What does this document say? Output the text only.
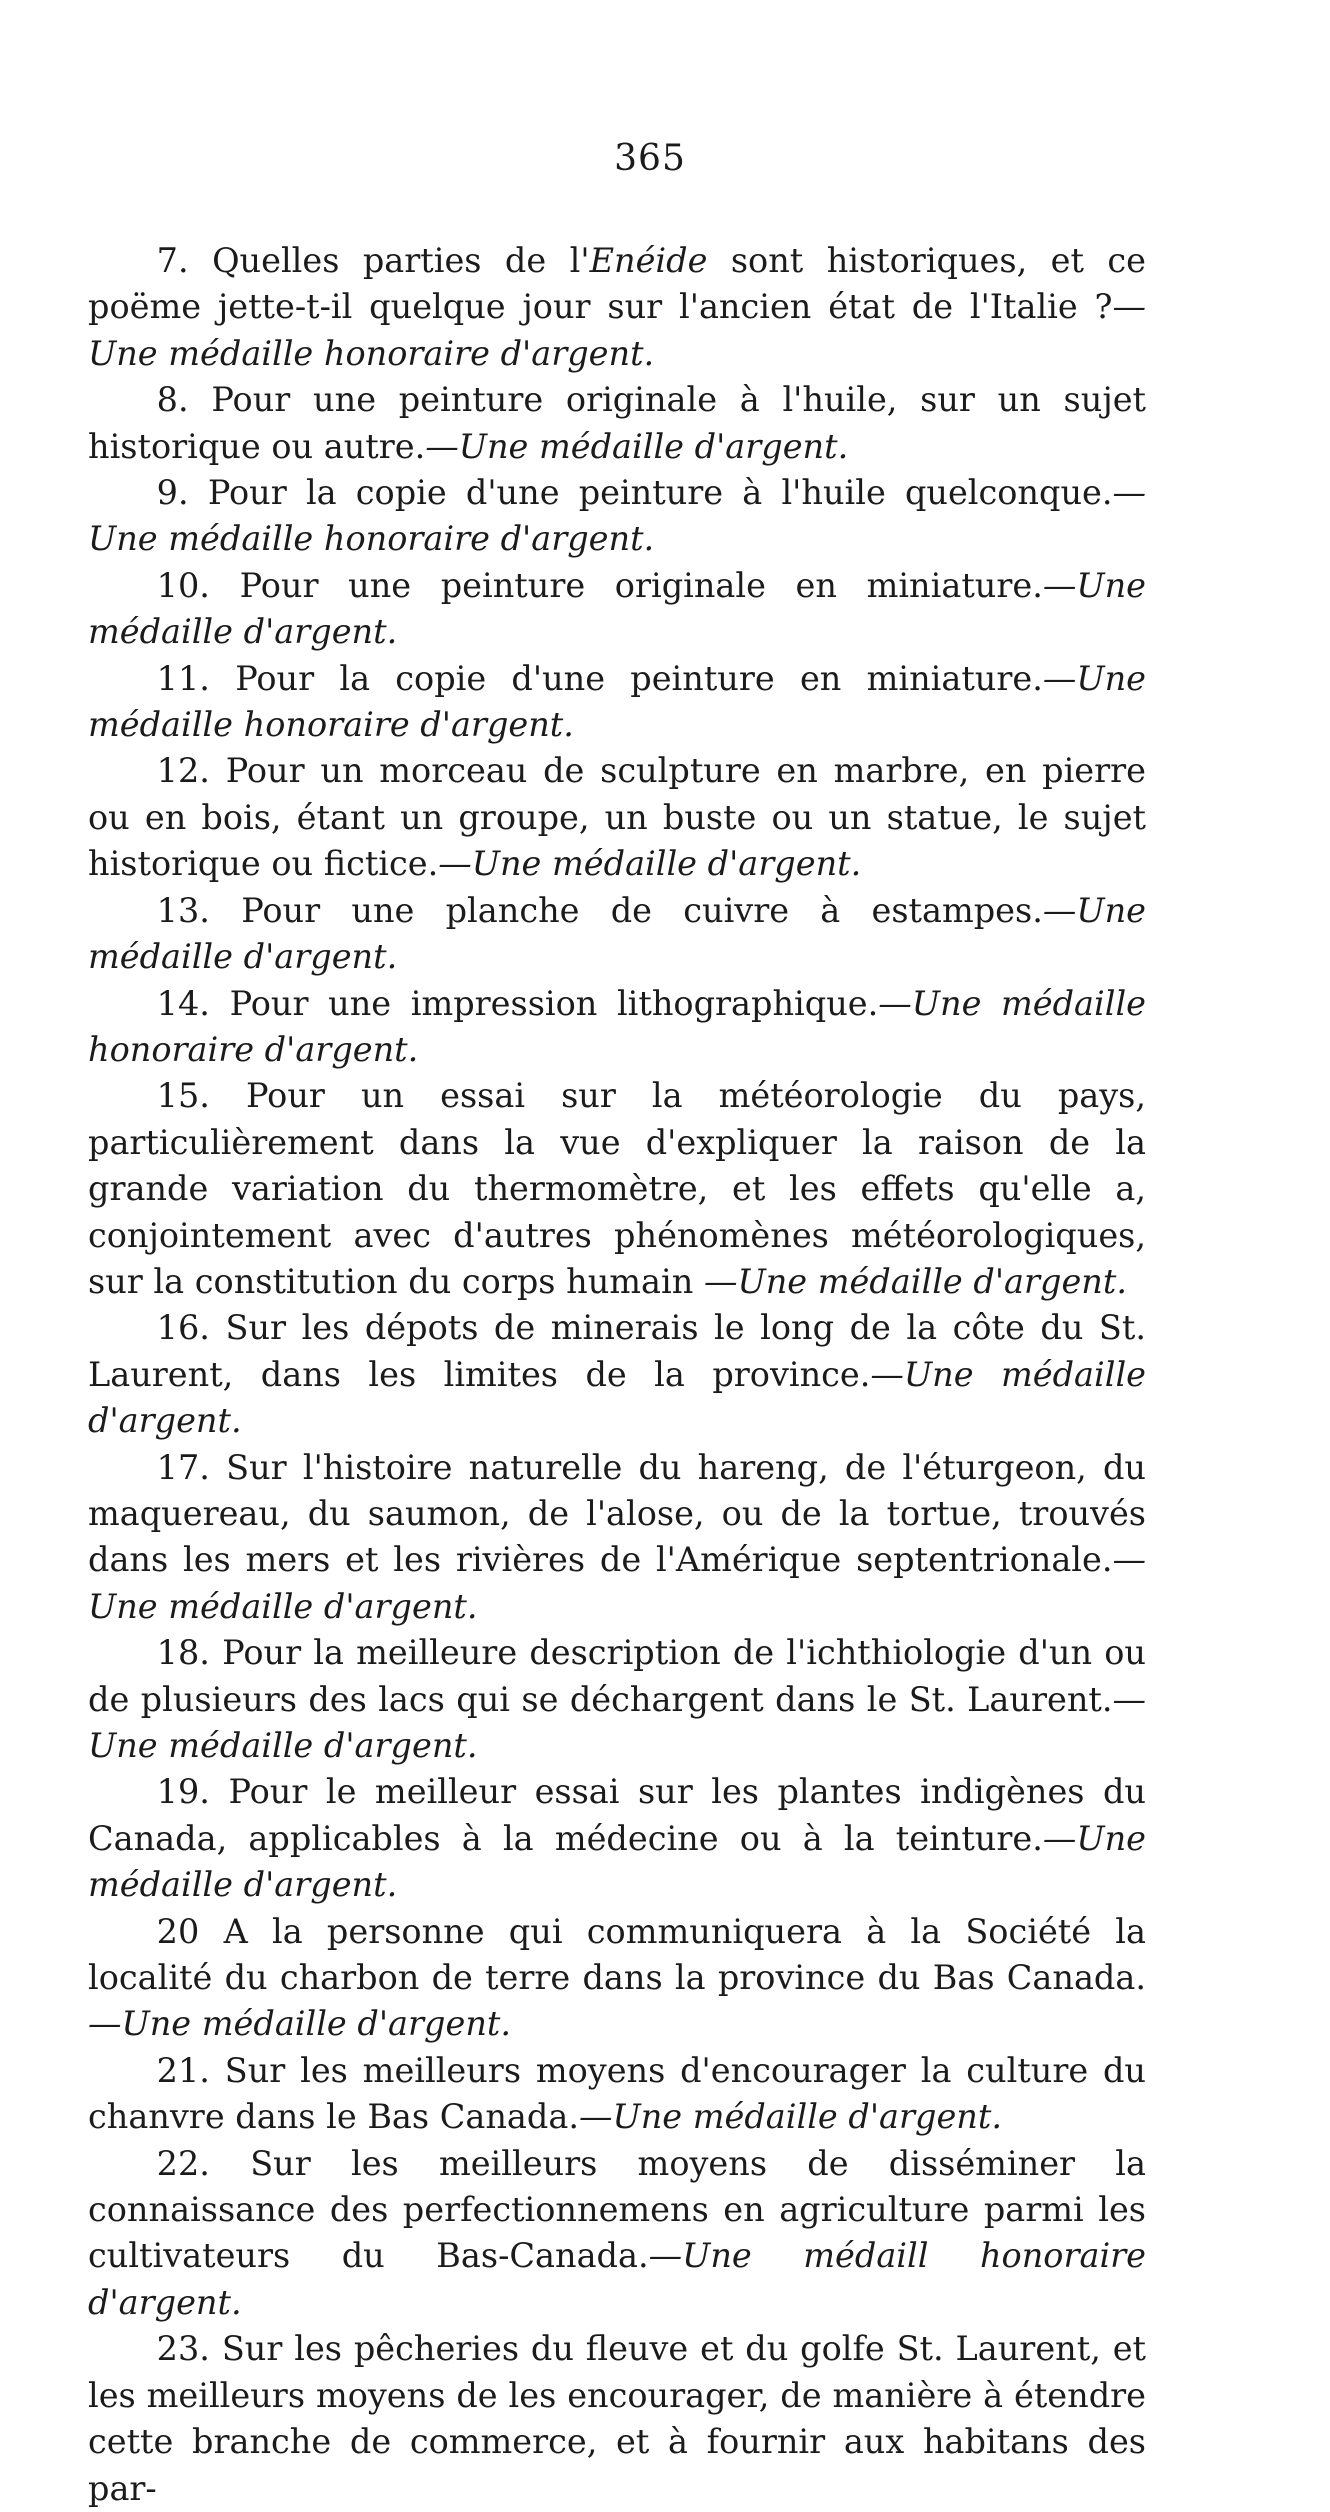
365

7. Quelles parties de l'Enéide sont historiques, et ce poëme jette-t-il quelque jour sur l'ancien état de l'Italie ?—Une médaille honoraire d'argent.

8. Pour une peinture originale à l'huile, sur un sujet historique ou autre.—Une médaille d'argent.

9. Pour la copie d'une peinture à l'huile quelconque.—Une médaille honoraire d'argent.

10. Pour une peinture originale en miniature.—Une médaille d'argent.

11. Pour la copie d'une peinture en miniature.—Une médaille honoraire d'argent.

12. Pour un morceau de sculpture en marbre, en pierre ou en bois, étant un groupe, un buste ou un statue, le sujet historique ou fictice.—Une médaille d'argent.

13. Pour une planche de cuivre à estampes.—Une médaille d'argent.

14. Pour une impression lithographique.—Une médaille honoraire d'argent.

15. Pour un essai sur la météorologie du pays, particulièrement dans la vue d'expliquer la raison de la grande variation du thermomètre, et les effets qu'elle a, conjointement avec d'autres phénomènes météorologiques, sur la constitution du corps humain —Une médaille d'argent.

16. Sur les dépots de minerais le long de la côte du St. Laurent, dans les limites de la province.—Une médaille d'argent.

17. Sur l'histoire naturelle du hareng, de l'éturgeon, du maquereau, du saumon, de l'alose, ou de la tortue, trouvés dans les mers et les rivières de l'Amérique septentrionale.—Une médaille d'argent.

18. Pour la meilleure description de l'ichthiologie d'un ou de plusieurs des lacs qui se déchargent dans le St. Laurent.—Une médaille d'argent.

19. Pour le meilleur essai sur les plantes indigènes du Canada, applicables à la médecine ou à la teinture.—Une médaille d'argent.

20 A la personne qui communiquera à la Société la localité du charbon de terre dans la province du Bas Canada.—Une médaille d'argent.

21. Sur les meilleurs moyens d'encourager la culture du chanvre dans le Bas Canada.—Une médaille d'argent.

22. Sur les meilleurs moyens de disséminer la connaissance des perfectionnemens en agriculture parmi les cultivateurs du Bas-Canada.—Une médaill honoraire d'argent.

23. Sur les pêcheries du fleuve et du golfe St. Laurent, et les meilleurs moyens de les encourager, de manière à étendre cette branche de commerce, et à fournir aux habitans des par-
